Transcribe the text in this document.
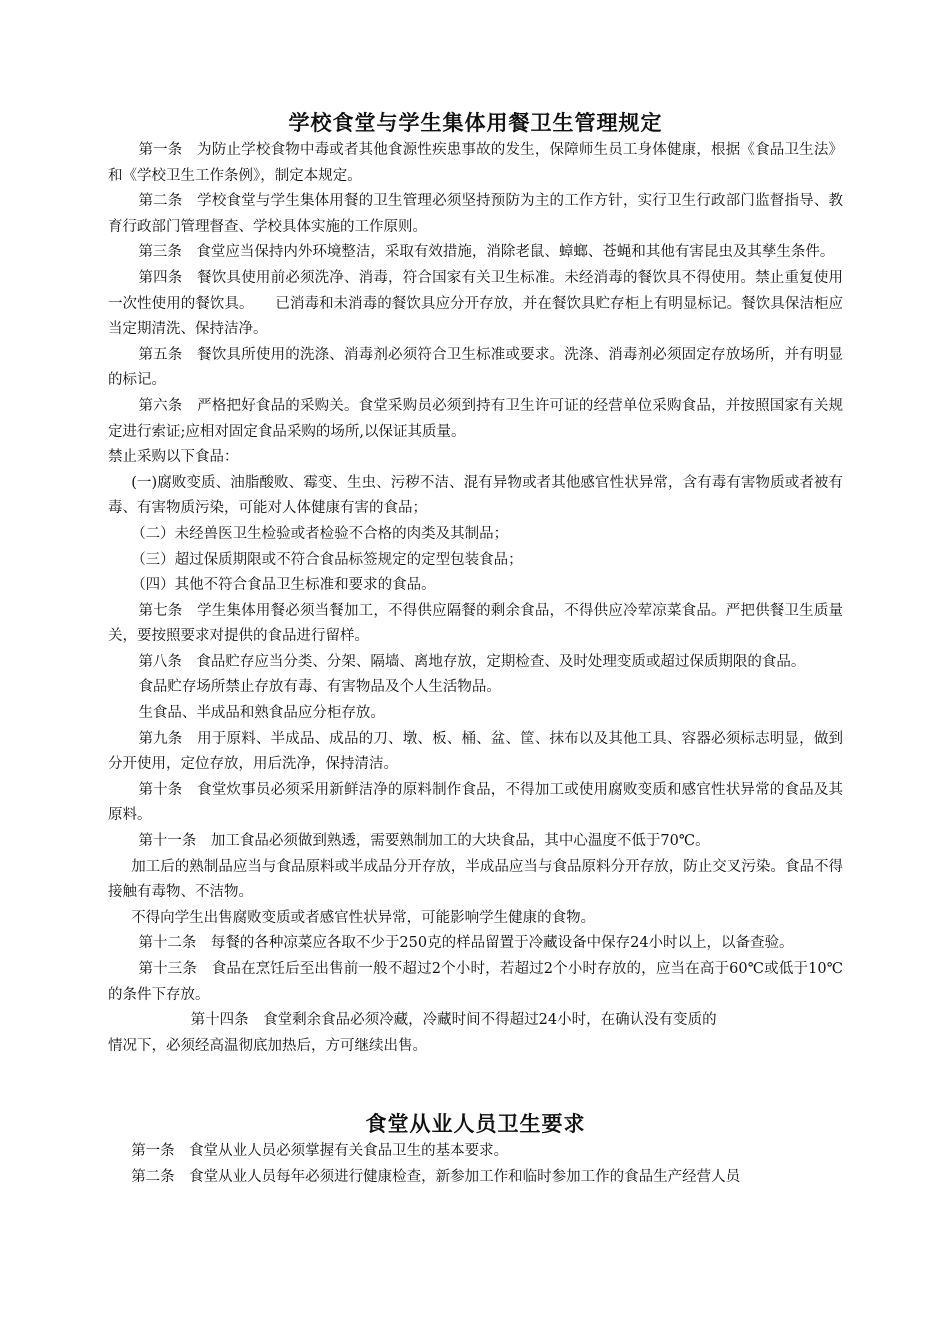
学校食堂与学生集体用餐卫生管理规定

第一条　为防止学校食物中毒或者其他食源性疾患事故的发生，保障师生员工身体健康，根据《食品卫生法》和《学校卫生工作条例》，制定本规定。

第二条　学校食堂与学生集体用餐的卫生管理必须坚持预防为主的工作方针，实行卫生行政部门监督指导、教育行政部门管理督查、学校具体实施的工作原则。

第三条　食堂应当保持内外环境整洁，采取有效措施，消除老鼠、蟑螂、苍蝇和其他有害昆虫及其孳生条件。

第四条　餐饮具使用前必须洗净、消毒，符合国家有关卫生标准。未经消毒的餐饮具不得使用。禁止重复使用一次性使用的餐饮具。　　已消毒和未消毒的餐饮具应分开存放，并在餐饮具贮存柜上有明显标记。餐饮具保洁柜应当定期清洗、保持洁净。

第五条　餐饮具所使用的洗涤、消毒剂必须符合卫生标准或要求。洗涤、消毒剂必须固定存放场所，并有明显的标记。

第六条　严格把好食品的采购关。食堂采购员必须到持有卫生许可证的经营单位采购食品，并按照国家有关规定进行索证;应相对固定食品采购的场所,以保证其质量。

禁止采购以下食品：

(一)腐败变质、油脂酸败、霉变、生虫、污秽不洁、混有异物或者其他感官性状异常，含有毒有害物质或者被有毒、有害物质污染，可能对人体健康有害的食品；

（二）未经兽医卫生检验或者检验不合格的肉类及其制品；

（三）超过保质期限或不符合食品标签规定的定型包装食品；

（四）其他不符合食品卫生标准和要求的食品。

第七条　学生集体用餐必须当餐加工，不得供应隔餐的剩余食品，不得供应冷荤凉菜食品。严把供餐卫生质量关，要按照要求对提供的食品进行留样。

第八条　食品贮存应当分类、分架、隔墙、离地存放，定期检查、及时处理变质或超过保质期限的食品。

食品贮存场所禁止存放有毒、有害物品及个人生活物品。

生食品、半成品和熟食品应分柜存放。

第九条　用于原料、半成品、成品的刀、墩、板、桶、盆、筐、抹布以及其他工具、容器必须标志明显，做到分开使用，定位存放，用后洗净，保持清洁。

第十条　食堂炊事员必须采用新鲜洁净的原料制作食品，不得加工或使用腐败变质和感官性状异常的食品及其原料。

第十一条　加工食品必须做到熟透，需要熟制加工的大块食品，其中心温度不低于70℃。

加工后的熟制品应当与食品原料或半成品分开存放，半成品应当与食品原料分开存放，防止交叉污染。食品不得接触有毒物、不洁物。

不得向学生出售腐败变质或者感官性状异常，可能影响学生健康的食物。

第十二条　每餐的各种凉菜应各取不少于250克的样品留置于冷藏设备中保存24小时以上，以备查验。

第十三条　食品在烹饪后至出售前一般不超过2个小时，若超过2个小时存放的，应当在高于60℃或低于10℃的条件下存放。

第十四条　食堂剩余食品必须冷藏，冷藏时间不得超过24小时，在确认没有变质的

情况下，必须经高温彻底加热后，方可继续出售。

食堂从业人员卫生要求

第一条　食堂从业人员必须掌握有关食品卫生的基本要求。

第二条　食堂从业人员每年必须进行健康检查，新参加工作和临时参加工作的食品生产经营人员
